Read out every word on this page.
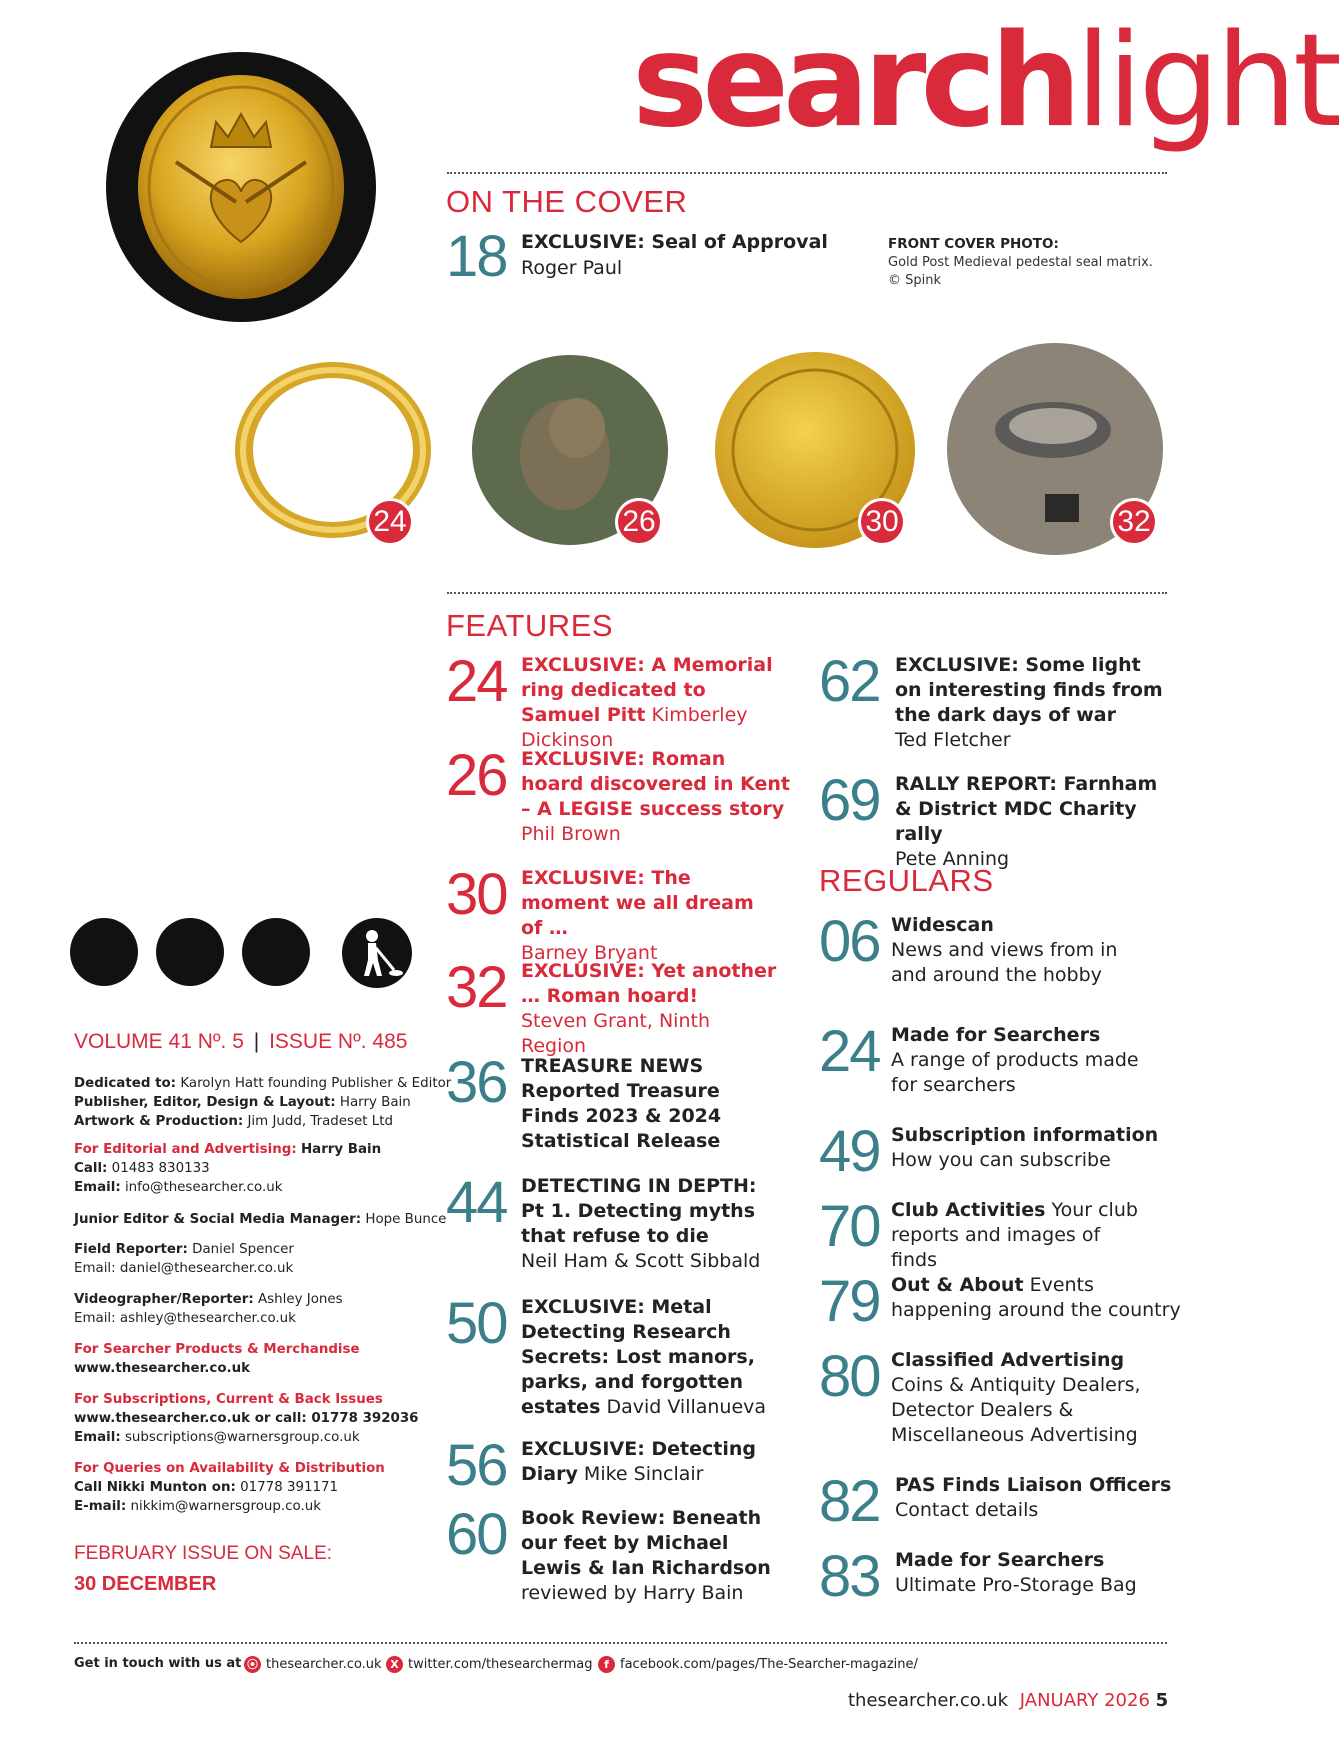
searchlight
ON THE COVER
18 EXCLUSIVE: Seal of Approval
Roger Paul
FRONT COVER PHOTO:
Gold Post Medieval pedestal seal matrix.
© Spink
24	26	30	32
FEATURES
24 EXCLUSIVE: A Memorial ring dedicated to Samuel Pitt Kimberley Dickinson
26 EXCLUSIVE: Roman hoard discovered in Kent – A LEGISE success story
Phil Brown
30 EXCLUSIVE: The moment we all dream of …
Barney Bryant
32 EXCLUSIVE: Yet another … Roman hoard!
Steven Grant, Ninth Region
36 TREASURE NEWS Reported Treasure Finds 2023 & 2024 Statistical Release
44 DETECTING IN DEPTH: Pt 1. Detecting myths that refuse to die
Neil Ham & Scott Sibbald
50 EXCLUSIVE: Metal Detecting Research Secrets: Lost manors, parks, and forgotten estates David Villanueva
56 EXCLUSIVE: Detecting Diary Mike Sinclair
60 Book Review: Beneath our feet by Michael Lewis & Ian Richardson reviewed by Harry Bain
62 EXCLUSIVE: Some light on interesting finds from the dark days of war
Ted Fletcher
69 RALLY REPORT: Farnham & District MDC Charity rally
Pete Anning
REGULARS
06 Widescan
News and views from in and around the hobby
24 Made for Searchers
A range of products made for searchers
49 Subscription information
How you can subscribe
70 Club Activities Your club reports and images of finds
79 Out & About Events happening around the country
80 Classified Advertising
Coins & Antiquity Dealers, Detector Dealers & Miscellaneous Advertising
82 PAS Finds Liaison Officers
Contact details
83 Made for Searchers
Ultimate Pro-Storage Bag
VOLUME 41 Nº. 5 | ISSUE Nº. 485
Dedicated to: Karolyn Hatt founding Publisher & Editor
Publisher, Editor, Design & Layout: Harry Bain
Artwork & Production: Jim Judd, Tradeset Ltd
For Editorial and Advertising: Harry Bain
Call: 01483 830133
Email: info@thesearcher.co.uk
Junior Editor & Social Media Manager: Hope Bunce
Field Reporter: Daniel Spencer
Email: daniel@thesearcher.co.uk
Videographer/Reporter: Ashley Jones
Email: ashley@thesearcher.co.uk
For Searcher Products & Merchandise
www.thesearcher.co.uk
For Subscriptions, Current & Back Issues
www.thesearcher.co.uk or call: 01778 392036
Email: subscriptions@warnersgroup.co.uk
For Queries on Availability & Distribution
Call Nikki Munton on: 01778 391171
E-mail: nikkim@warnersgroup.co.uk
FEBRUARY ISSUE ON SALE:
30 DECEMBER
Get in touch with us at ⦿ thesearcher.co.uk X twitter.com/thesearchermag	f facebook.com/pages/The-Searcher-magazine/
thesearcher.co.uk JANUARY 2026 5
